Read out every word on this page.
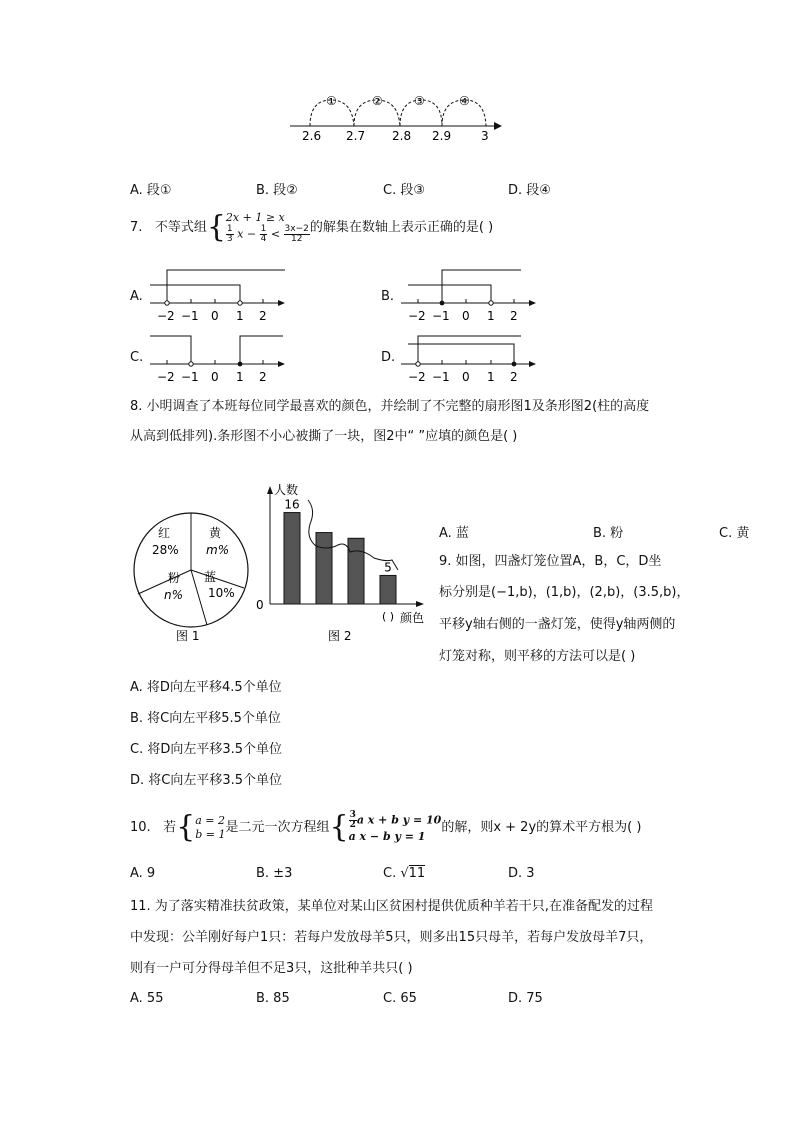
①	②	③	④
2.6 2.7 2.8 2.9 3
A. 段①	B. 段②	C. 段③	D. 段④
7. 不等式组{ 2x + 1 ≥ x
$\frac{1}{3}$ $x - \frac{1}{4} < \frac{3x-2}{12}$ 的解集在数轴上表示正确的是( )
A.
−2 −1 0 1 2
B.
−2 −1 0 1 2
C.
−2 −1 0 1 2
D.
−2 −1 0 1 2
8. 小明调查了本班每位同学最喜欢的颜色，并绘制了不完整的扇形图1及条形图2(柱的高度
从高到低排列).条形图不小心被撕了一块，图2中“ ”应填的颜色是( )
红
28%
黄
m%
粉
n%
蓝
10%
图 1
人数
颜色
0
16
5
( )
图 2
A. 蓝	B. 粉	C. 黄
9. 如图，四盏灯笼位置A，B，C，D坐
标分别是(−1,b)，(1,b)，(2,b)，(3.5,b)，
平移y轴右侧的一盏灯笼，使得y轴两侧的
灯笼对称，则平移的方法可以是( )
A. 将D向左平移4.5个单位
B. 将C向左平移5.5个单位
C. 将D向左平移3.5个单位
D. 将C向左平移3.5个单位
10. 若{ a = 2
b = 1 是二元一次方程组{ $\frac{3}{2}$ a x + b y = 10
a x − b y = 1
的解，则x + 2y的算术平方根为( )
A. 9	B. ±3	C. √11	D. 3
11. 为了落实精准扶贫政策，某单位对某山区贫困村提供优质种羊若干只,在准备配发的过程
中发现：公羊刚好每户1只：若每户发放母羊5只，则多出15只母羊，若每户发放母羊7只，
则有一户可分得母羊但不足3只，这批种羊共只( )
A. 55	B. 85	C. 65	D. 75
